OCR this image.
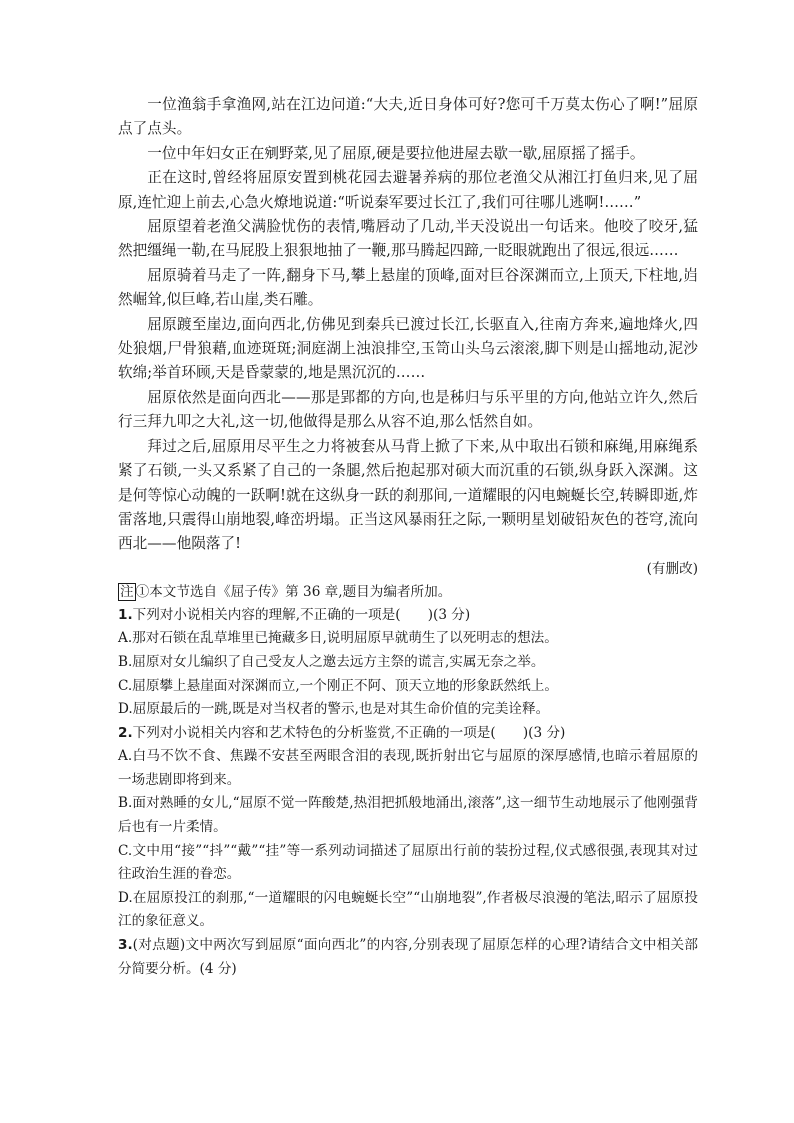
一位渔翁手拿渔网,站在江边问道:“大夫,近日身体可好?您可千万莫太伤心了啊!”屈原点了点头。

一位中年妇女正在剜野菜,见了屈原,硬是要拉他进屋去歇一歇,屈原摇了摇手。

正在这时,曾经将屈原安置到桃花园去避暑养病的那位老渔父从湘江打鱼归来,见了屈原,连忙迎上前去,心急火燎地说道:“听说秦军要过长江了,我们可往哪儿逃啊!……”

屈原望着老渔父满脸忧伤的表情,嘴唇动了几动,半天没说出一句话来。他咬了咬牙,猛然把缰绳一勒,在马屁股上狠狠地抽了一鞭,那马腾起四蹄,一眨眼就跑出了很远,很远……

屈原骑着马走了一阵,翻身下马,攀上悬崖的顶峰,面对巨谷深渊而立,上顶天,下柱地,岿然崛耸,似巨峰,若山崖,类石雕。

屈原踱至崖边,面向西北,仿佛见到秦兵已渡过长江,长驱直入,往南方奔来,遍地烽火,四处狼烟,尸骨狼藉,血迹斑斑;洞庭湖上浊浪排空,玉笥山头乌云滚滚,脚下则是山摇地动,泥沙软绵;举首环顾,天是昏蒙蒙的,地是黑沉沉的……

屈原依然是面向西北——那是郢都的方向,也是秭归与乐平里的方向,他站立许久,然后行三拜九叩之大礼,这一切,他做得是那么从容不迫,那么恬然自如。

拜过之后,屈原用尽平生之力将被套从马背上掀了下来,从中取出石锁和麻绳,用麻绳系紧了石锁,一头又系紧了自己的一条腿,然后抱起那对硕大而沉重的石锁,纵身跃入深渊。这是何等惊心动魄的一跃啊!就在这纵身一跃的刹那间,一道耀眼的闪电蜿蜒长空,转瞬即逝,炸雷落地,只震得山崩地裂,峰峦坍塌。正当这风暴雨狂之际,一颗明星划破铅灰色的苍穹,流向西北——他陨落了!

(有删改)

注 ①本文节选自《屈子传》第 36 章,题目为编者所加。

1.下列对小说相关内容的理解,不正确的一项是(　　)(3 分)

A.那对石锁在乱草堆里已掩藏多日,说明屈原早就萌生了以死明志的想法。

B.屈原对女儿编织了自己受友人之邀去远方主祭的谎言,实属无奈之举。

C.屈原攀上悬崖面对深渊而立,一个刚正不阿、顶天立地的形象跃然纸上。

D.屈原最后的一跳,既是对当权者的警示,也是对其生命价值的完美诠释。

2.下列对小说相关内容和艺术特色的分析鉴赏,不正确的一项是(　　)(3 分)

A.白马不饮不食、焦躁不安甚至两眼含泪的表现,既折射出它与屈原的深厚感情,也暗示着屈原的一场悲剧即将到来。

B.面对熟睡的女儿,“屈原不觉一阵酸楚,热泪把抓般地涌出,滚落”,这一细节生动地展示了他刚强背后也有一片柔情。

C.文中用“接”“抖”“戴”“挂”等一系列动词描述了屈原出行前的装扮过程,仪式感很强,表现其对过往政治生涯的眷恋。

D.在屈原投江的刹那,“一道耀眼的闪电蜿蜒长空”“山崩地裂”,作者极尽浪漫的笔法,昭示了屈原投江的象征意义。

3.(对点题)文中两次写到屈原“面向西北”的内容,分别表现了屈原怎样的心理?请结合文中相关部分简要分析。(4 分)
